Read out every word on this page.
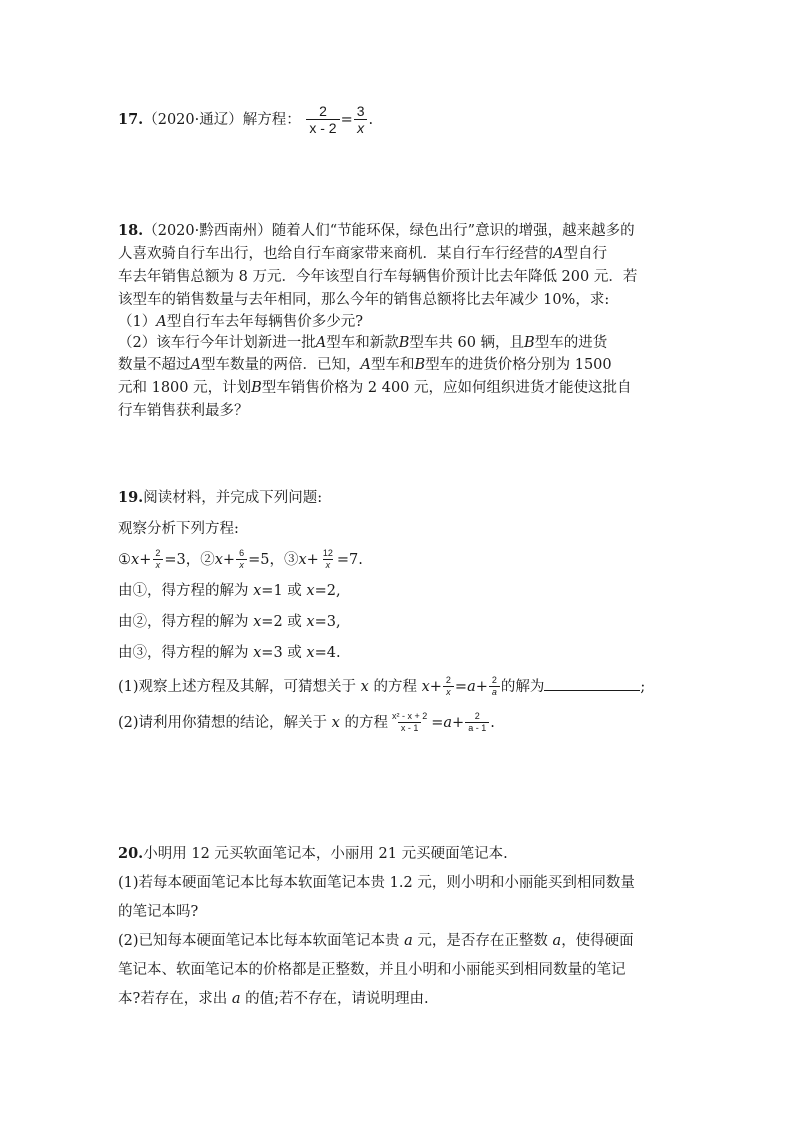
17.（2020·通辽）解方程： $\frac{2}{x - 2} = \frac{3}{x}$ .
18.（2020·黔西南州）随着人们“节能环保，绿色出行”意识的增强，越来越多的
人喜欢骑自行车出行，也给自行车商家带来商机．某自行车行经营的A型自行
车去年销售总额为 8 万元．今年该型自行车每辆售价预计比去年降低 200 元．若
该型车的销售数量与去年相同，那么今年的销售总额将比去年减少 10%，求:
（1）A型自行车去年每辆售价多少元?
（2）该车行今年计划新进一批A型车和新款B型车共 60 辆，且B型车的进货
数量不超过A型车数量的两倍．已知，A型车和B型车的进货价格分别为 1500
元和 1800 元，计划B型车销售价格为 2 400 元，应如何组织进货才能使这批自
行车销售获利最多？
19.阅读材料，并完成下列问题:
观察分析下列方程:
①x+ $\frac{2}{x} =3$，②x+ $\frac{6}{x} =5$，③x+ $\frac{12}{x} =7$.
由①，得方程的解为 x=1 或 x=2,
由②，得方程的解为 x=2 或 x=3,
由③，得方程的解为 x=3 或 x=4.
(1)观察上述方程及其解，可猜想关于 x 的方程 $x+ \frac{2}{x} =a+ \frac{2}{a}$ 的解为	;
(2)请利用你猜想的结论，解关于 x 的方程 $\frac{\text{x² - x + 2}}{x - 1} =a+ \frac{2}{a - 1}$ .
20.小明用 12 元买软面笔记本，小丽用 21 元买硬面笔记本.
(1)若每本硬面笔记本比每本软面笔记本贵 1.2 元，则小明和小丽能买到相同数量
的笔记本吗?
(2)已知每本硬面笔记本比每本软面笔记本贵 a 元，是否存在正整数 a，使得硬面
笔记本、软面笔记本的价格都是正整数，并且小明和小丽能买到相同数量的笔记
本?若存在，求出 a 的值;若不存在，请说明理由.
